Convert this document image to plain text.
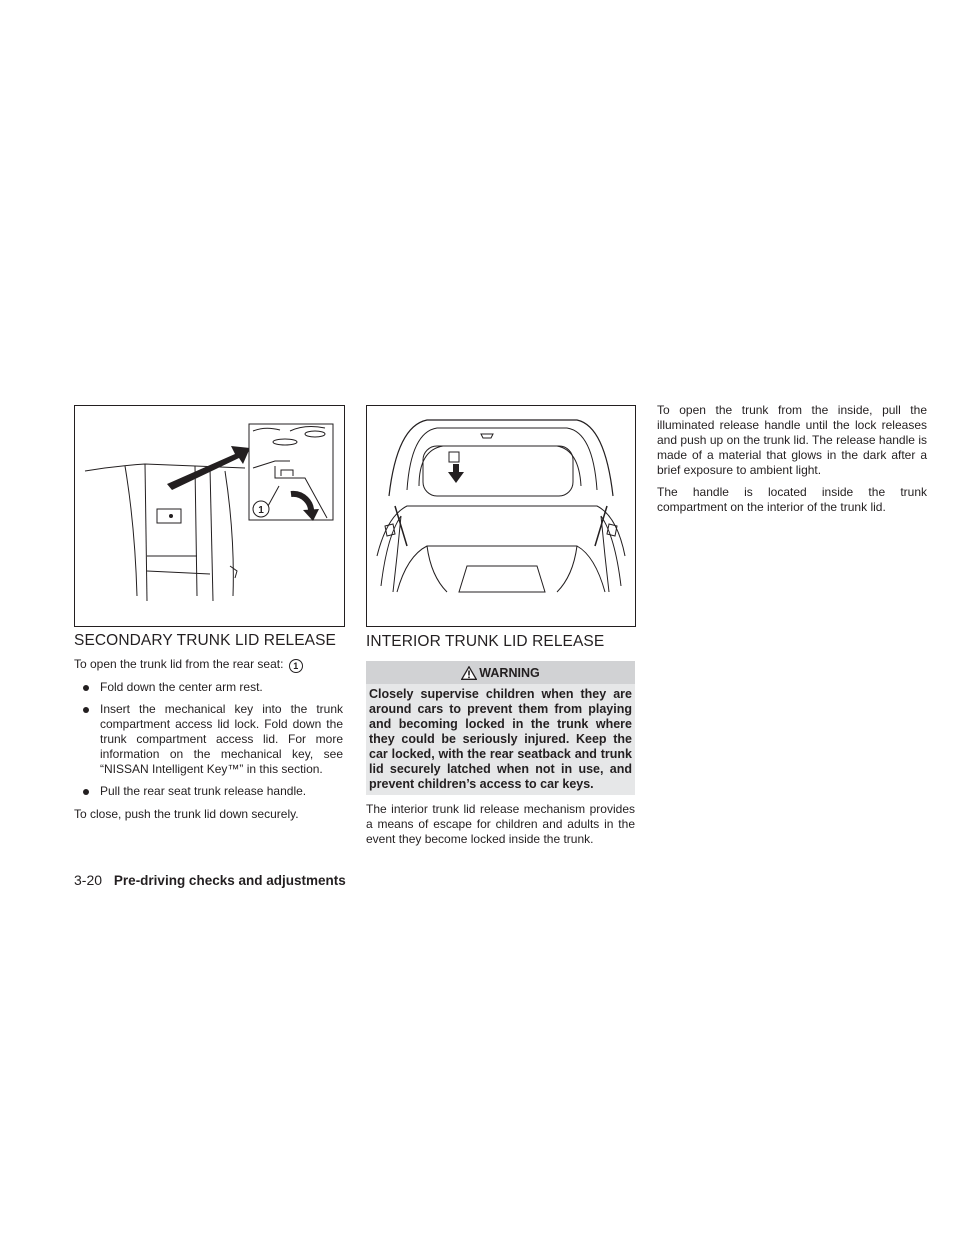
1
SECONDARY TRUNK LID RELEASE

To open the trunk lid from the rear seat: 1

Fold down the center arm rest.
Insert the mechanical key into the trunk compartment access lid lock. Fold down the trunk compartment access lid. For more information on the mechanical key, see “NISSAN Intelligent Key™” in this section.
Pull the rear seat trunk release handle.

To close, push the trunk lid down securely.

INTERIOR TRUNK LID RELEASE
WARNING
Closely supervise children when they are around cars to prevent them from playing and becoming locked in the trunk where they could be seriously injured. Keep the car locked, with the rear seatback and trunk lid securely latched when not in use, and prevent children’s access to car keys.

The interior trunk lid release mechanism provides a means of escape for children and adults in the event they become locked inside the trunk.

To open the trunk from the inside, pull the illuminated release handle until the lock releases and push up on the trunk lid. The release handle is made of a material that glows in the dark after a brief exposure to ambient light.

The handle is located inside the trunk compartment on the interior of the trunk lid.

3-20 Pre-driving checks and adjustments
